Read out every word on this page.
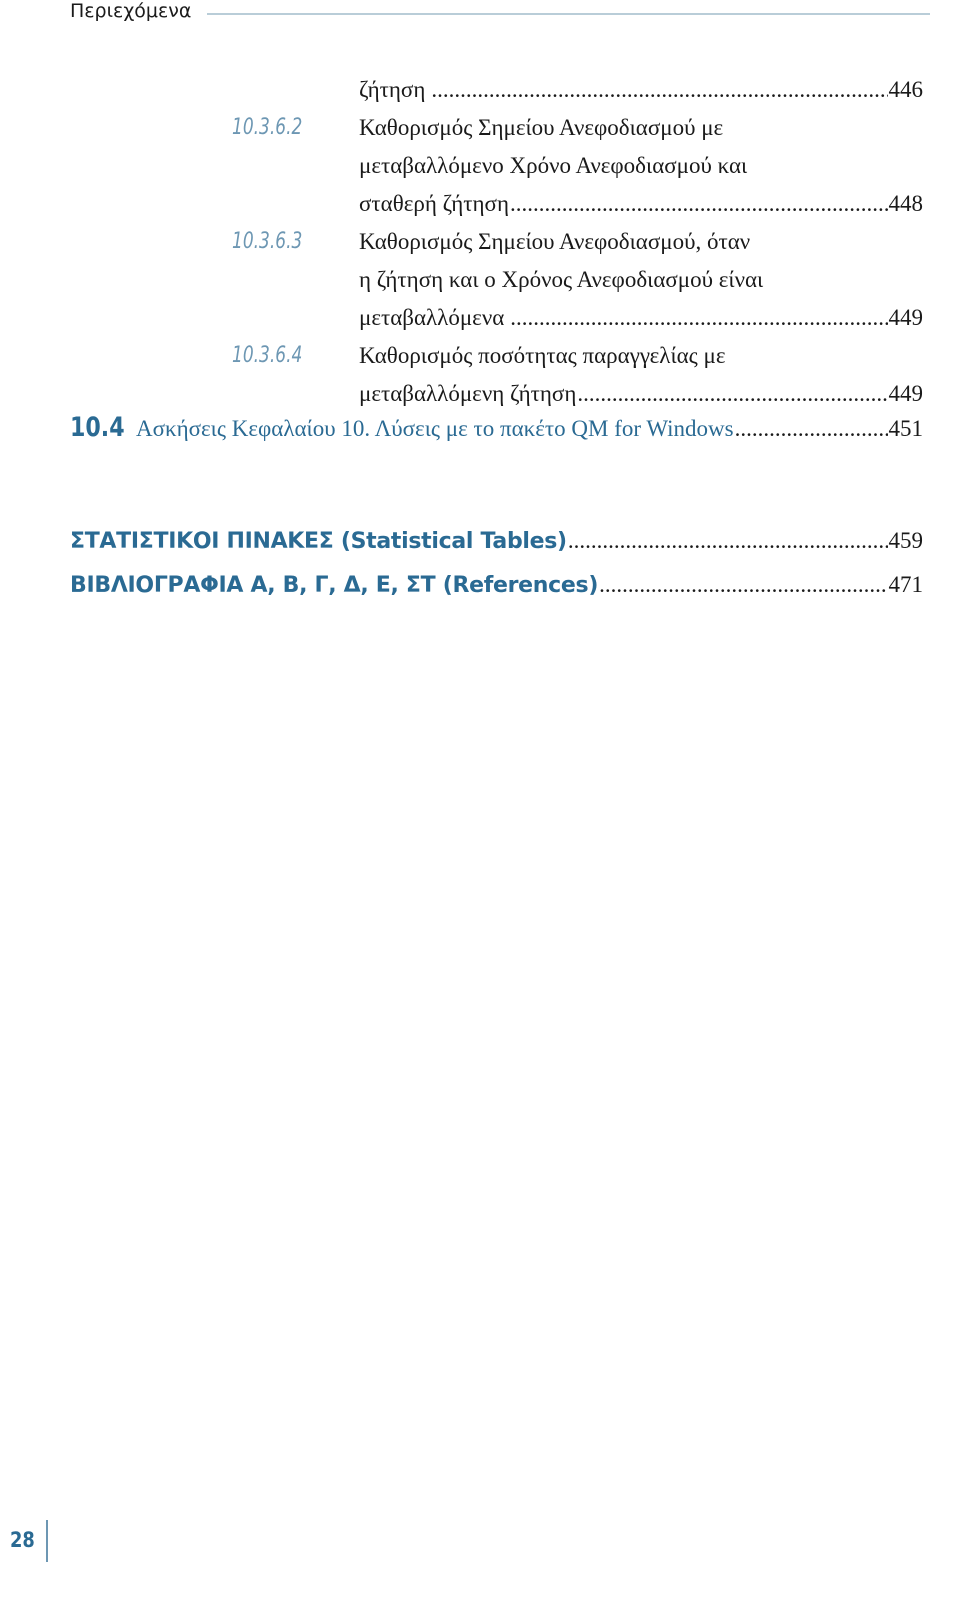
Περιεχόμενα
ζήτηση .....	446
10.3.6.2 Καθορισμός Σημείου Ανεφοδιασμού με
μεταβαλλόμενο Χρόνο Ανεφοδιασμού και
σταθερή ζήτηση .....	448
10.3.6.3 Καθορισμός Σημείου Ανεφοδιασμού, όταν
η ζήτηση και ο Χρόνος Ανεφοδιασμού είναι
μεταβαλλόμενα .....	449
10.3.6.4 Καθορισμός ποσότητας παραγγελίας με
μεταβαλλόμενη ζήτηση .....	449
10.4 Ασκήσεις Κεφαλαίου 10. Λύσεις με το πακέτο QM for Windows .....	451
ΣΤΑΤΙΣΤΙΚΟΙ ΠΙΝΑΚΕΣ (Statistical Tables) .....	459
ΒΙΒΛΙΟΓΡΑΦΙΑ Α, Β, Γ, Δ, Ε, ΣΤ (References) .....	471
28
